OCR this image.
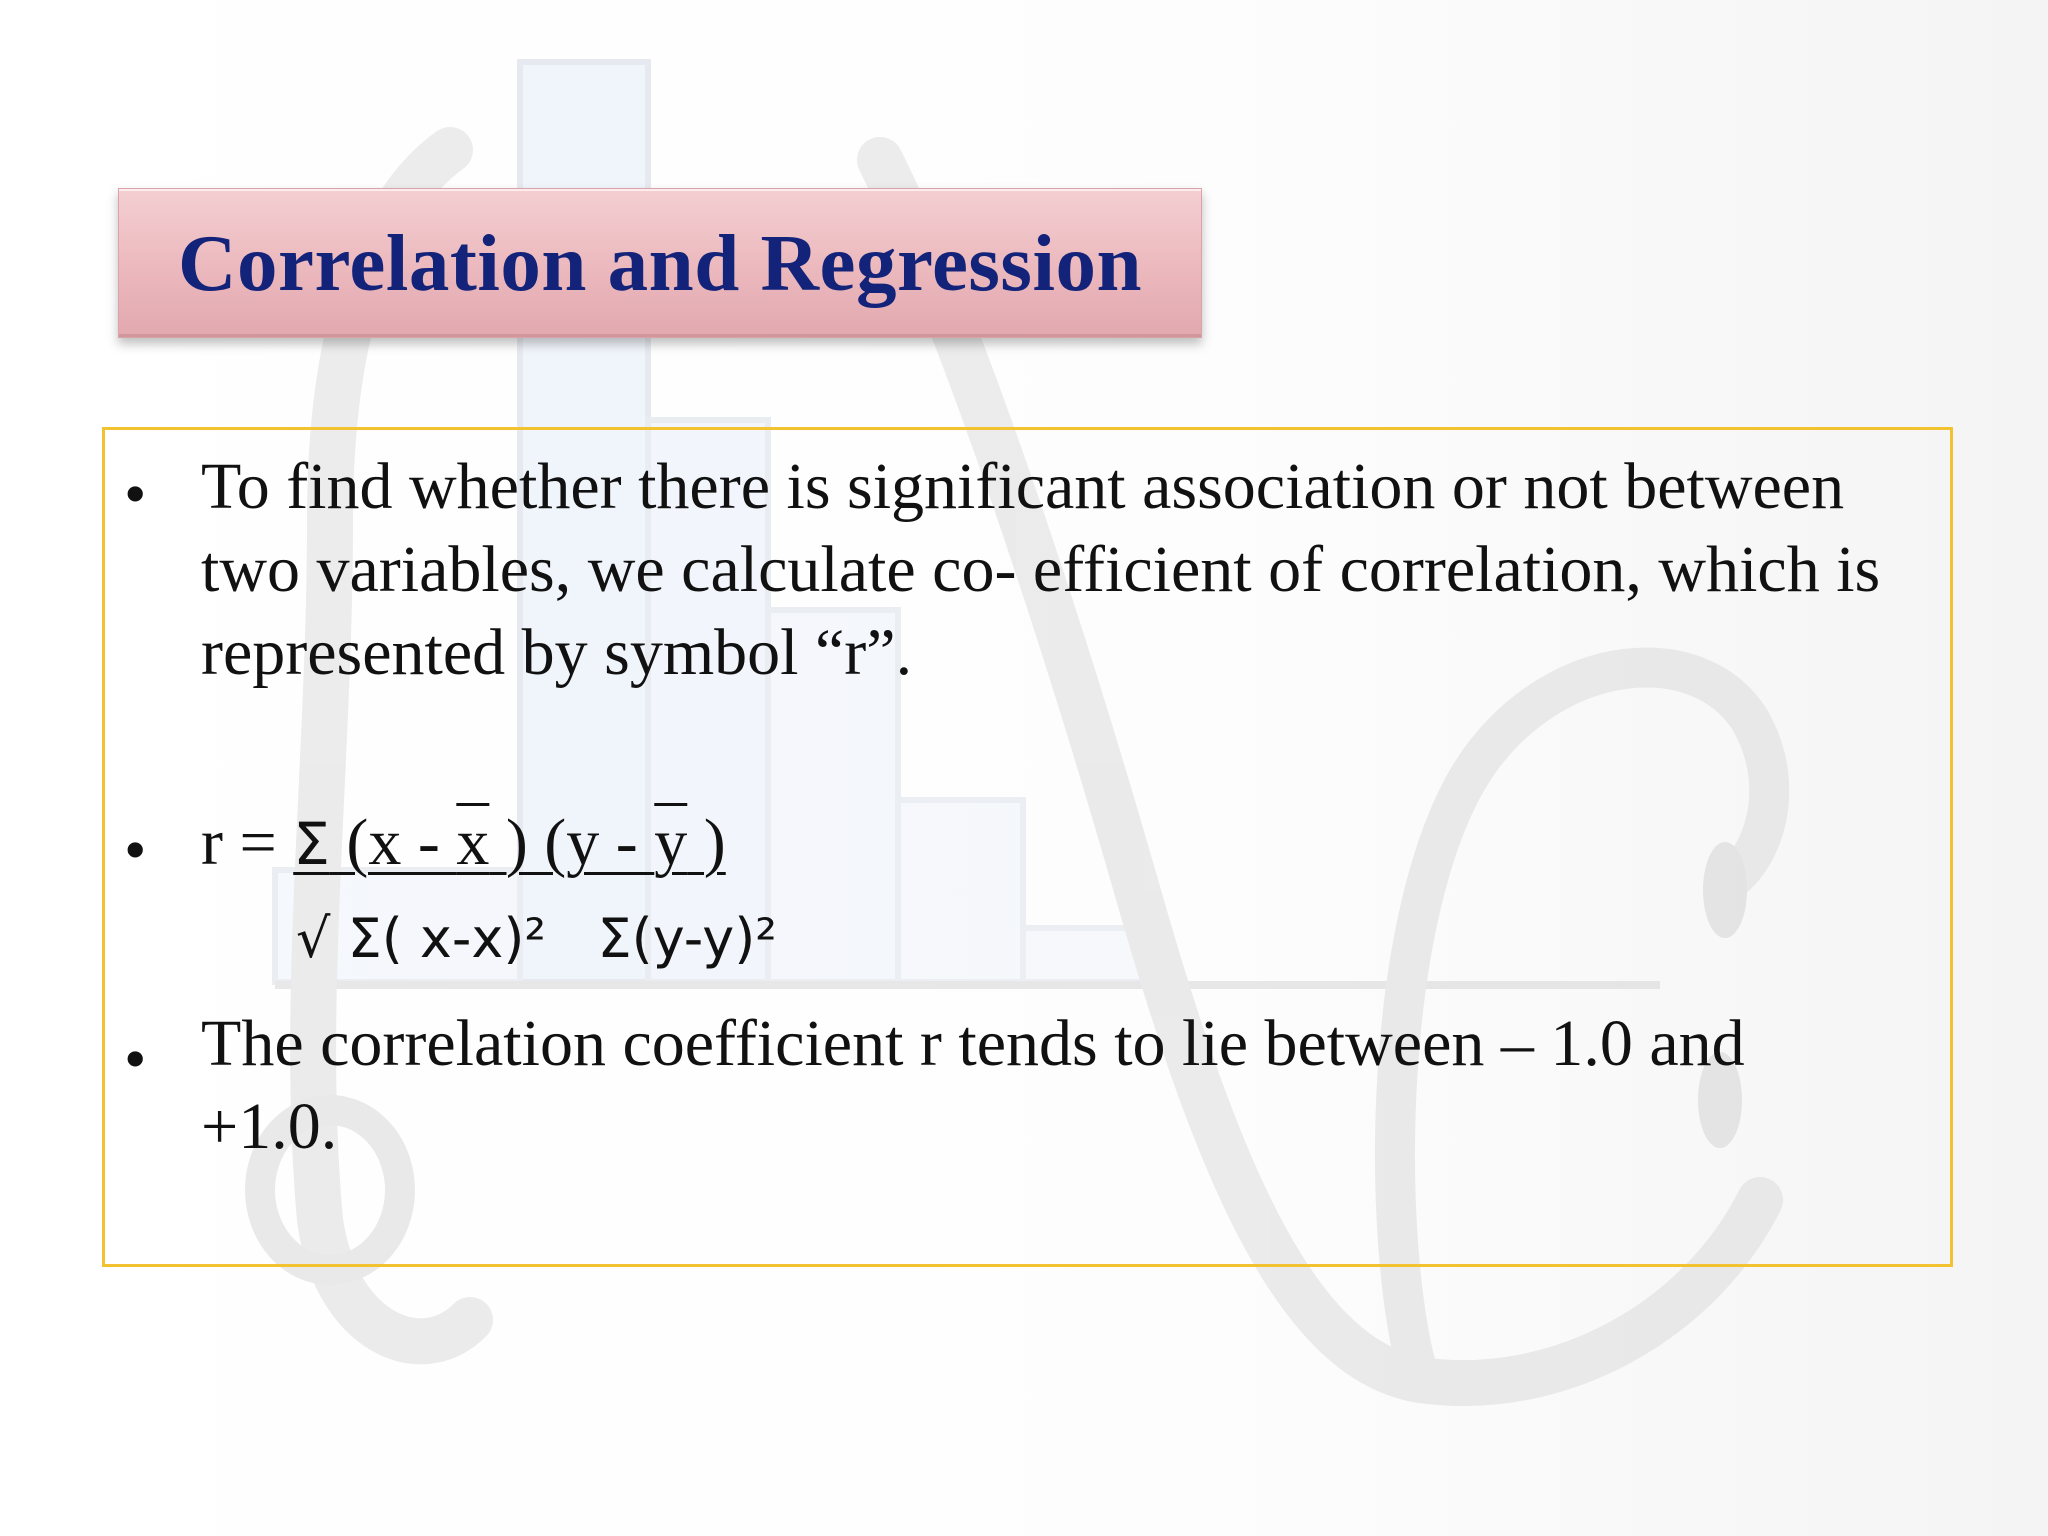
Correlation and Regression
• To find whether there is significant association or not between two variables, we calculate co- efficient of correlation, which is represented by symbol “r”.
• r = Σ (x - x ) (y - y )
√ Σ( x-x)²   Σ(y-y)²
• The correlation coefficient r tends to lie between – 1.0 and
+1.0.
